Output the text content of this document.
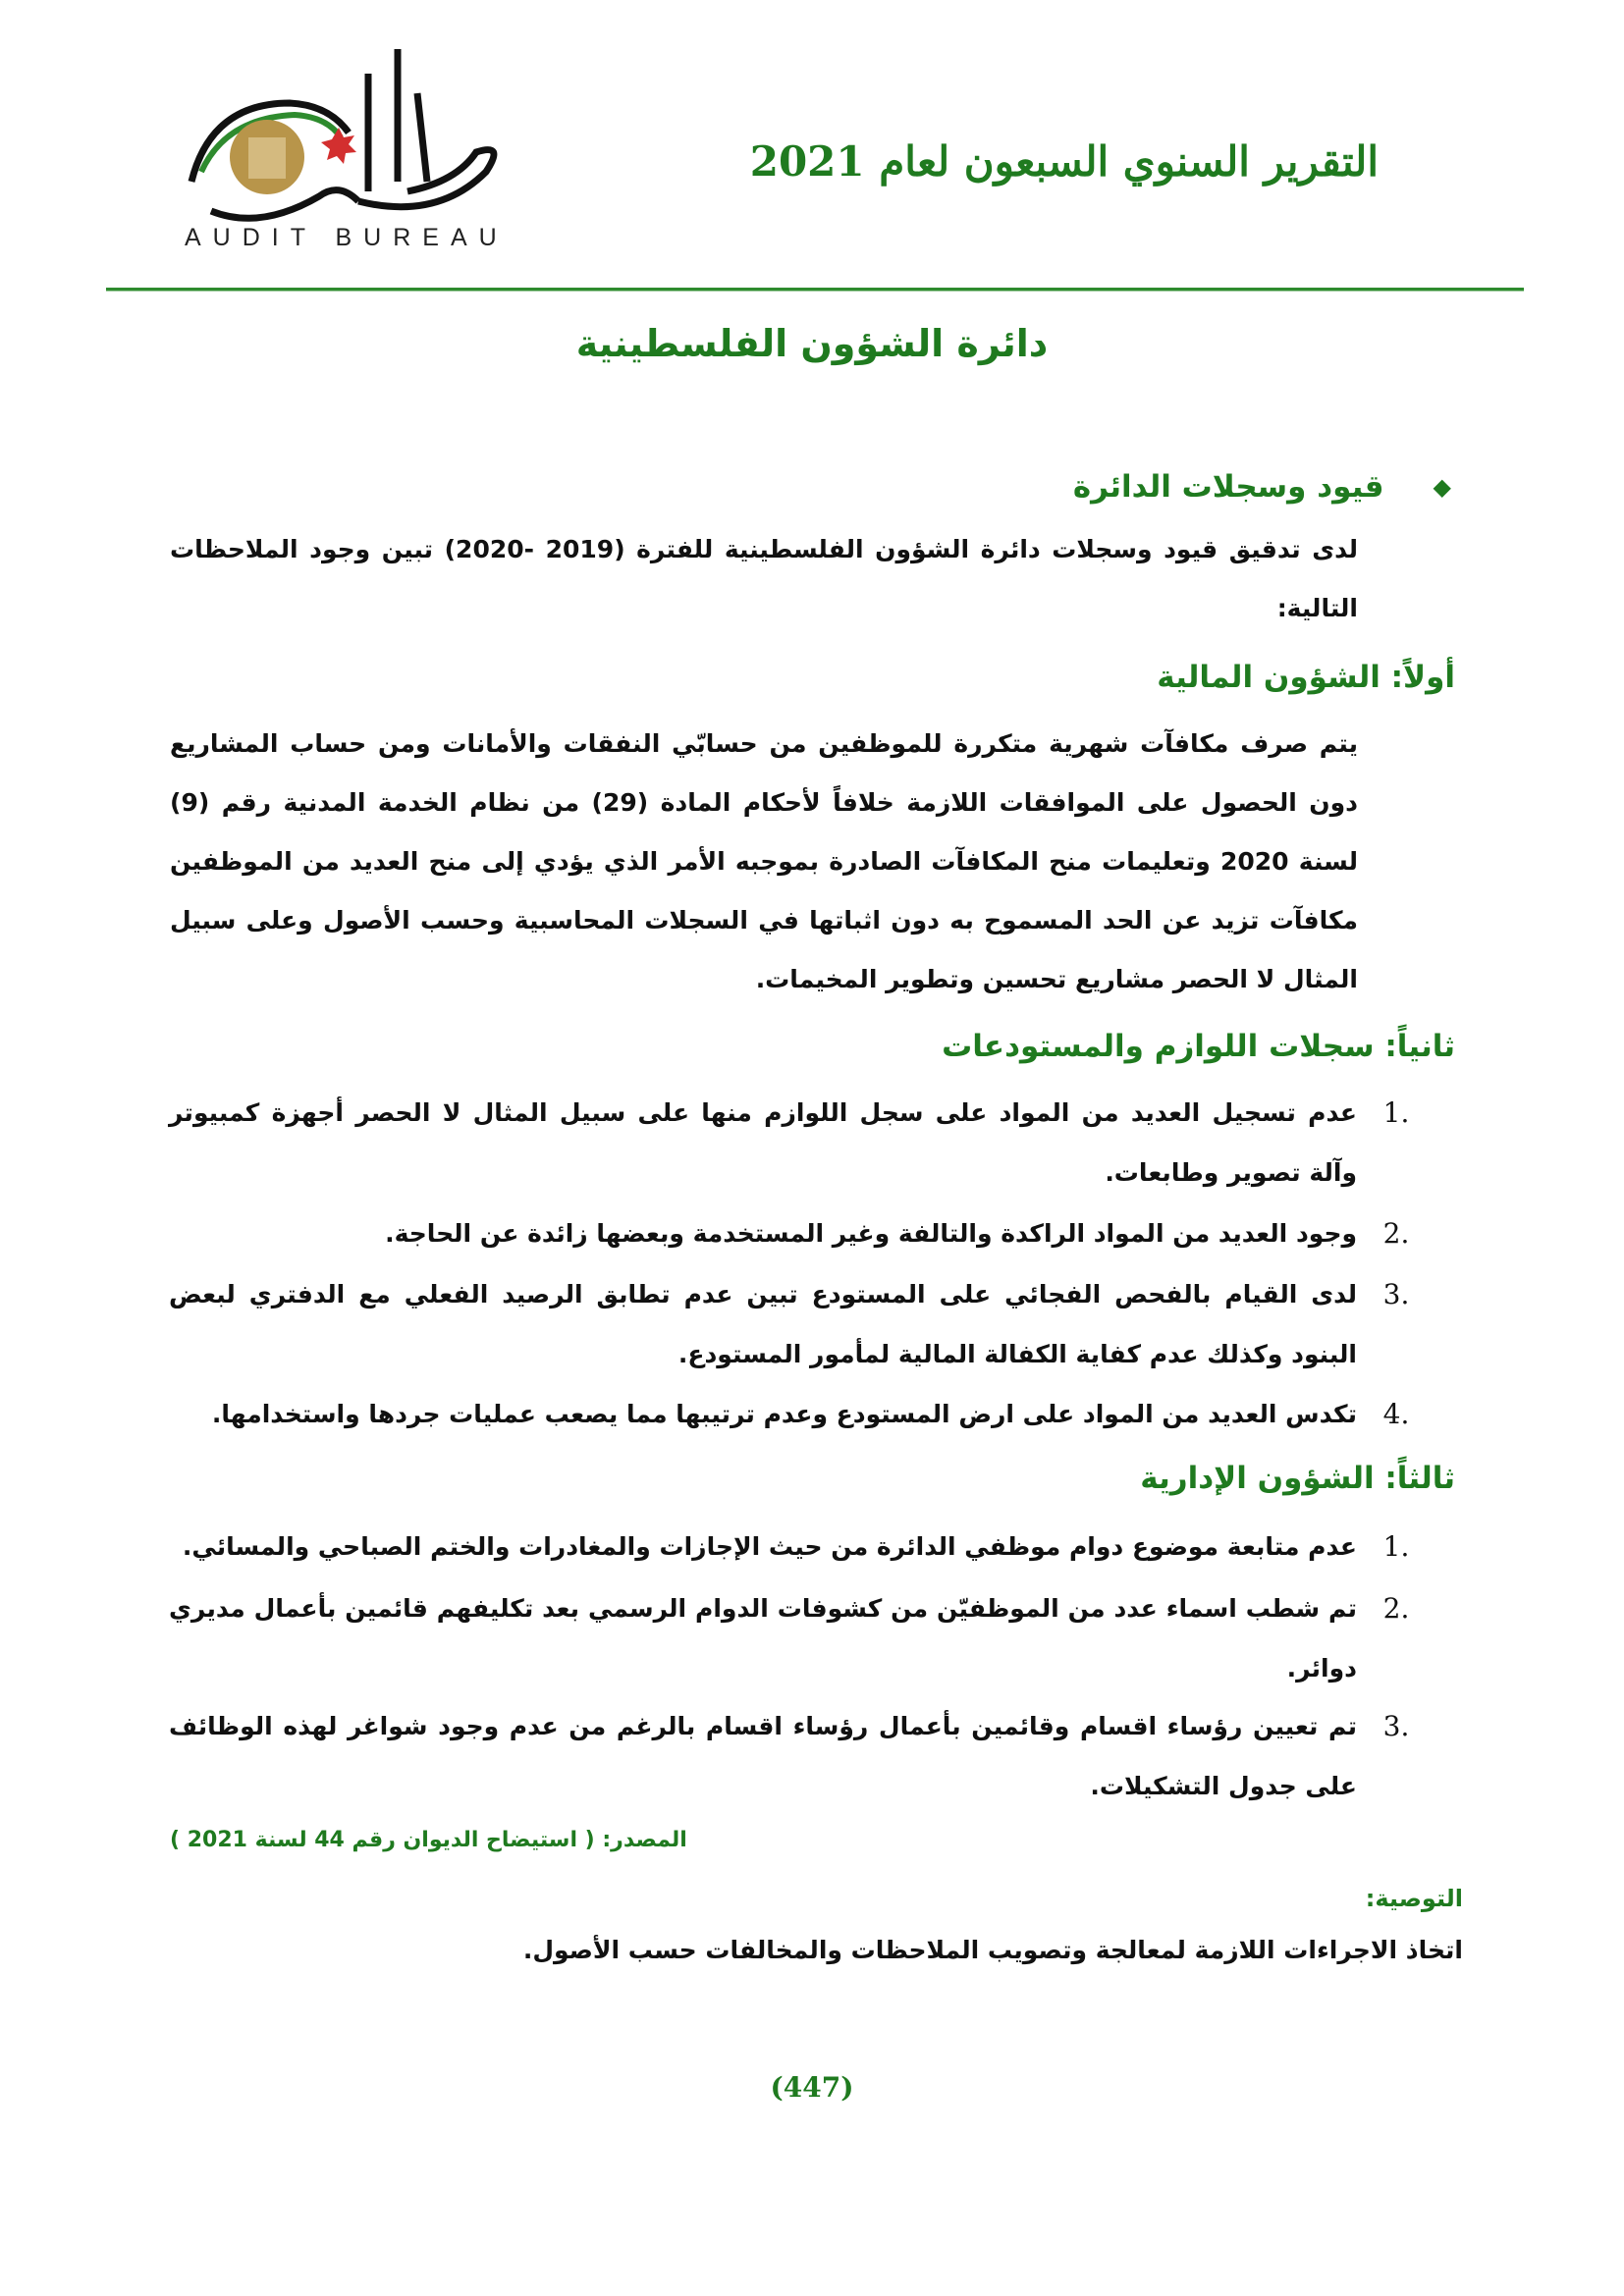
AUDIT BUREAU
التقرير السنوي السبعون لعام 2021
دائرة الشؤون الفلسطينية
◆
قيود وسجلات الدائرة
لدى تدقيق قيود وسجلات دائرة الشؤون الفلسطينية للفترة (2019 -2020) تبين وجود الملاحظات التالية:
أولاً: الشؤون المالية
يتم صرف مكافآت شهرية متكررة للموظفين من حسابّي النفقات والأمانات ومن حساب المشاريع دون الحصول على الموافقات اللازمة خلافاً لأحكام المادة (29) من نظام الخدمة المدنية رقم (9) لسنة 2020 وتعليمات منح المكافآت الصادرة بموجبه الأمر الذي يؤدي إلى منح العديد من الموظفين مكافآت تزيد عن الحد المسموح به دون اثباتها في السجلات المحاسبية وحسب الأصول وعلى سبيل المثال لا الحصر مشاريع تحسين وتطوير المخيمات.
ثانياً: سجلات اللوازم والمستودعات
.1
عدم تسجيل العديد من المواد على سجل اللوازم منها على سبيل المثال لا الحصر أجهزة كمبيوتر وآلة تصوير وطابعات.
.2
وجود العديد من المواد الراكدة والتالفة وغير المستخدمة وبعضها زائدة عن الحاجة.
.3
لدى القيام بالفحص الفجائي على المستودع تبين عدم تطابق الرصيد الفعلي مع الدفتري لبعض البنود وكذلك عدم كفاية الكفالة المالية لمأمور المستودع.
.4
تكدس العديد من المواد على ارض المستودع وعدم ترتيبها مما يصعب عمليات جردها واستخدامها.
ثالثاً: الشؤون الإدارية
.1
عدم متابعة موضوع دوام موظفي الدائرة من حيث الإجازات والمغادرات والختم الصباحي والمسائي.
.2
تم شطب اسماء عدد من الموظفيّن من كشوفات الدوام الرسمي بعد تكليفهم قائمين بأعمال مديري دوائر.
.3
تم تعيين رؤساء اقسام وقائمين بأعمال رؤساء اقسام بالرغم من عدم وجود شواغر لهذه الوظائف على جدول التشكيلات.
المصدر: ( استيضاح الديوان رقم 44 لسنة 2021 )
التوصية:
اتخاذ الاجراءات اللازمة لمعالجة وتصويب الملاحظات والمخالفات حسب الأصول.
(447)
